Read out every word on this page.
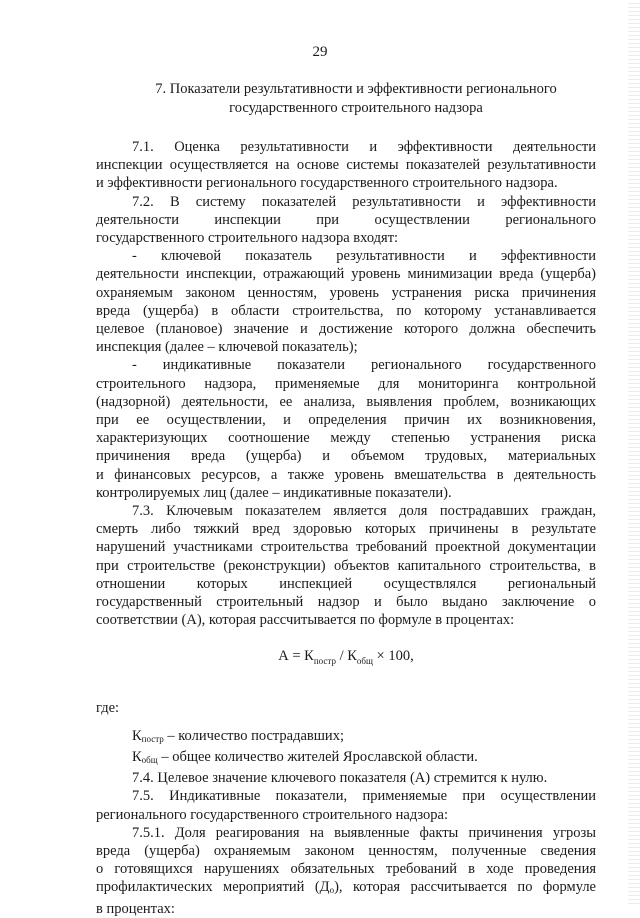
29
7. Показатели результативности и эффективности регионального
государственного строительного надзора

7.1. Оценка результативности и эффективности деятельности

инспекции осуществляется на основе системы показателей результативности

и эффективности регионального государственного строительного надзора.

7.2. В систему показателей результативности и эффективности

деятельности инспекции при осуществлении регионального

государственного строительного надзора входят:

- ключевой показатель результативности и эффективности

деятельности инспекции, отражающий уровень минимизации вреда (ущерба)

охраняемым законом ценностям, уровень устранения риска причинения

вреда (ущерба) в области строительства, по которому устанавливается

целевое (плановое) значение и достижение которого должна обеспечить

инспекция (далее – ключевой показатель);

- индикативные показатели регионального государственного

строительного надзора, применяемые для мониторинга контрольной

(надзорной) деятельности, ее анализа, выявления проблем, возникающих

при ее осуществлении, и определения причин их возникновения,

характеризующих соотношение между степенью устранения риска

причинения вреда (ущерба) и объемом трудовых, материальных

и финансовых ресурсов, а также уровень вмешательства в деятельность

контролируемых лиц (далее – индикативные показатели).

7.3. Ключевым показателем является доля пострадавших граждан,

смерть либо тяжкий вред здоровью которых причинены в результате

нарушений участниками строительства требований проектной документации

при строительстве (реконструкции) объектов капитального строительства, в

отношении которых инспекцией осуществлялся региональный

государственный строительный надзор и было выдано заключение о

соответствии (А), которая рассчитывается по формуле в процентах:

$А = К_{постр} / К_{общ} \times 100$,

где:

Кпостр – количество пострадавших;

Кобщ – общее количество жителей Ярославской области.

7.4. Целевое значение ключевого показателя (А) стремится к нулю.

7.5. Индикативные показатели, применяемые при осуществлении

регионального государственного строительного надзора:

7.5.1. Доля реагирования на выявленные факты причинения угрозы

вреда (ущерба) охраняемым законом ценностям, полученные сведения

о готовящихся нарушениях обязательных требований в ходе проведения

профилактических мероприятий (До), которая рассчитывается по формуле

в процентах:
